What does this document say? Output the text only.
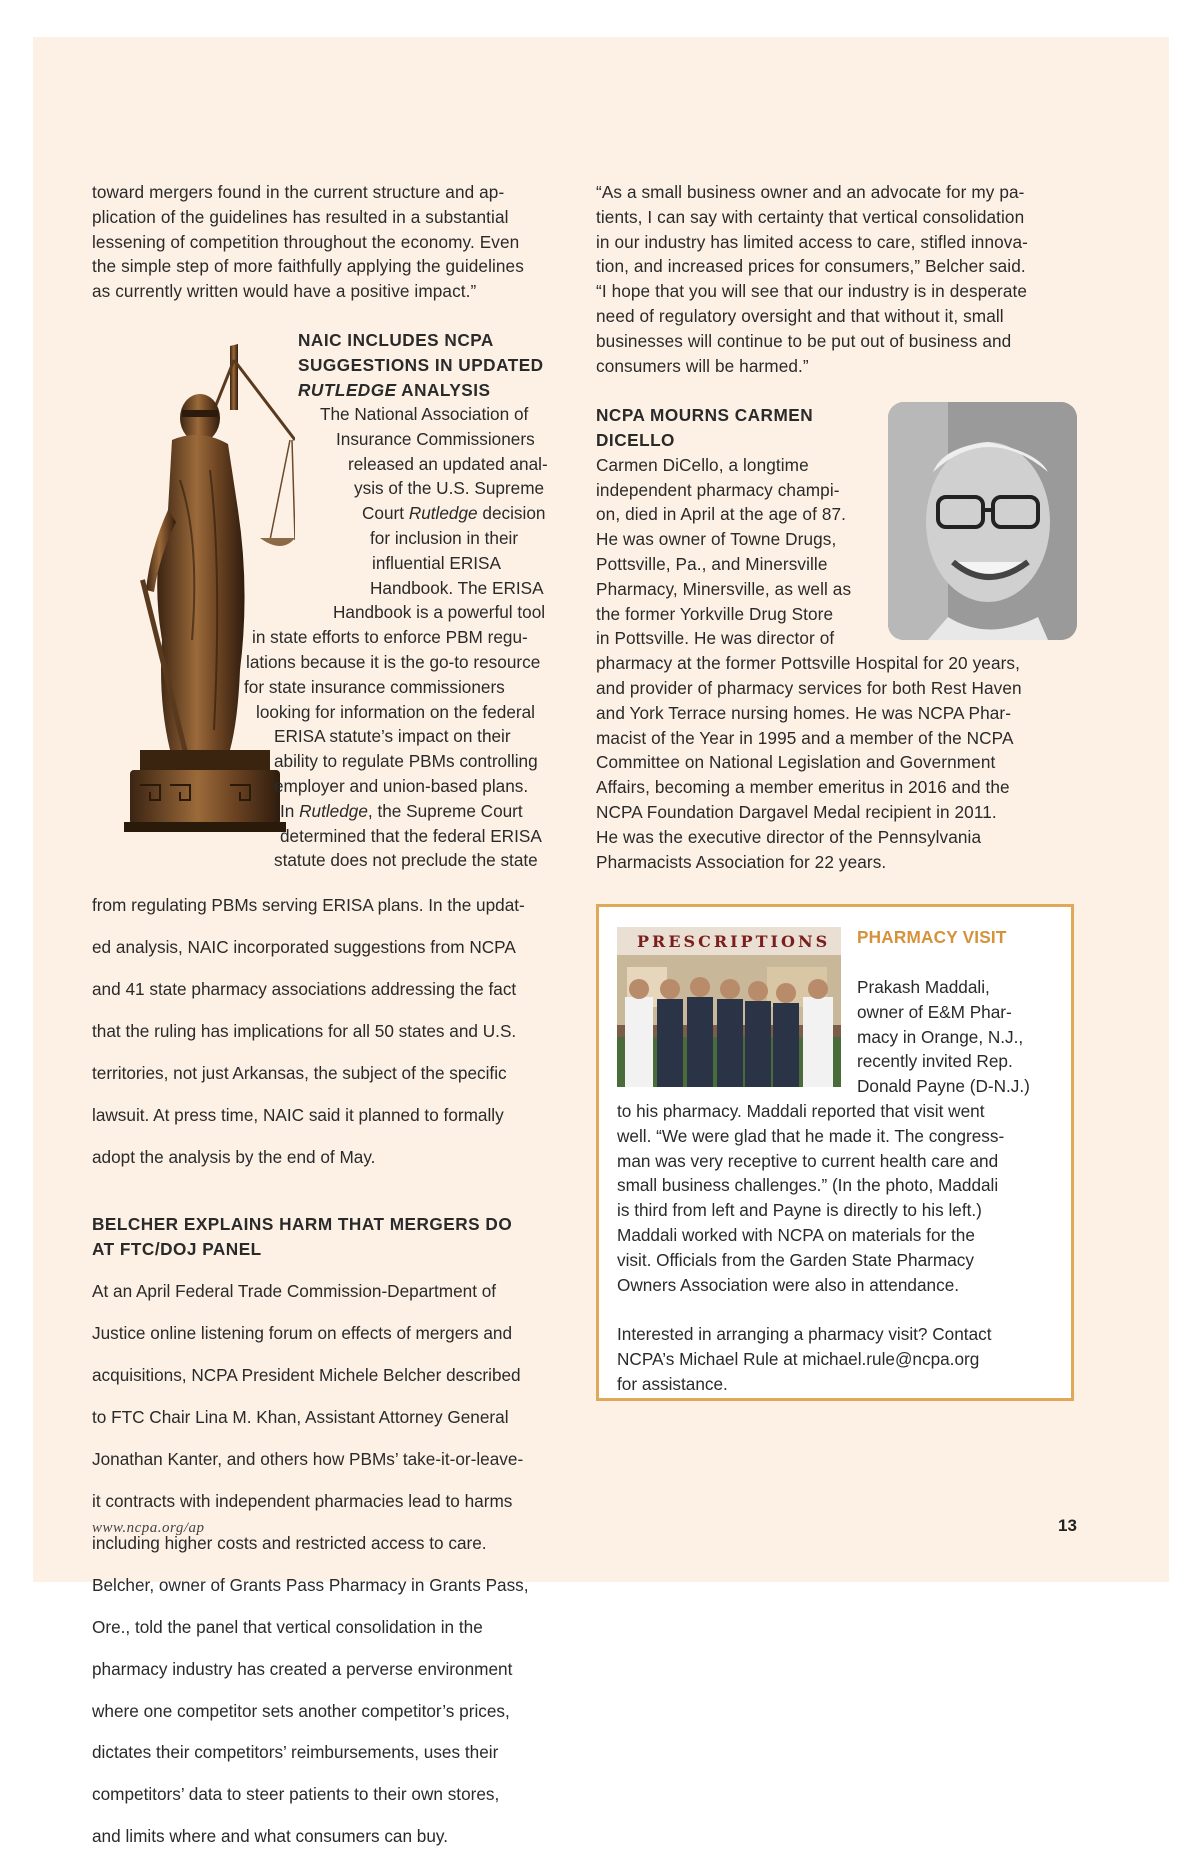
toward mergers found in the current structure and ap-

plication of the guidelines has resulted in a substantial

lessening of competition throughout the economy. Even

the simple step of more faithfully applying the guidelines

as currently written would have a positive impact.”

NAIC INCLUDES NCPA

SUGGESTIONS IN UPDATED

RUTLEDGE ANALYSIS

The National Association of
Insurance Commissioners
released an updated anal-
ysis of the U.S. Supreme
Court Rutledge decision
for inclusion in their
influential ERISA
Handbook. The ERISA
Handbook is a powerful tool
in state efforts to enforce PBM regu-
lations because it is the go-to resource
for state insurance commissioners
looking for information on the federal
ERISA statute’s impact on their
ability to regulate PBMs controlling
employer and union-based plans.
In Rutledge, the Supreme Court
determined that the federal ERISA
statute does not preclude the state

from regulating PBMs serving ERISA plans. In the updat-

ed analysis, NAIC incorporated suggestions from NCPA

and 41 state pharmacy associations addressing the fact

that the ruling has implications for all 50 states and U.S.

territories, not just Arkansas, the subject of the specific

lawsuit. At press time, NAIC said it planned to formally

adopt the analysis by the end of May.

BELCHER EXPLAINS HARM THAT MERGERS DO

AT FTC/DOJ PANEL

At an April Federal Trade Commission-Department of

Justice online listening forum on effects of mergers and

acquisitions, NCPA President Michele Belcher described

to FTC Chair Lina M. Khan, Assistant Attorney General

Jonathan Kanter, and others how PBMs’ take-it-or-leave-

it contracts with independent pharmacies lead to harms

including higher costs and restricted access to care.

Belcher, owner of Grants Pass Pharmacy in Grants Pass,

Ore., told the panel that vertical consolidation in the

pharmacy industry has created a perverse environment

where one competitor sets another competitor’s prices,

dictates their competitors’ reimbursements, uses their

competitors’ data to steer patients to their own stores,

and limits where and what consumers can buy.

“As a small business owner and an advocate for my pa-

tients, I can say with certainty that vertical consolidation

in our industry has limited access to care, stifled innova-

tion, and increased prices for consumers,” Belcher said.

“I hope that you will see that our industry is in desperate

need of regulatory oversight and that without it, small

businesses will continue to be put out of business and

consumers will be harmed.”

NCPA MOURNS CARMEN

DICELLO

Carmen DiCello, a longtime

independent pharmacy champi-

on, died in April at the age of 87.

He was owner of Towne Drugs,

Pottsville, Pa., and Minersville

Pharmacy, Minersville, as well as

the former Yorkville Drug Store

in Pottsville. He was director of

pharmacy at the former Pottsville Hospital for 20 years,

and provider of pharmacy services for both Rest Haven

and York Terrace nursing homes. He was NCPA Phar-

macist of the Year in 1995 and a member of the NCPA

Committee on National Legislation and Government

Affairs, becoming a member emeritus in 2016 and the

NCPA Foundation Dargavel Medal recipient in 2011.

He was the executive director of the Pennsylvania

Pharmacists Association for 22 years.

PRESCRIPTIONS PHARMACY VISIT
Prakash Maddali,
owner of E&M Phar-
macy in Orange, N.J.,
recently invited Rep.
Donald Payne (D-N.J.)
to his pharmacy. Maddali reported that visit went
well. “We were glad that he made it. The congress-
man was very receptive to current health care and
small business challenges.” (In the photo, Maddali
is third from left and Payne is directly to his left.)
Maddali worked with NCPA on materials for the
visit. Officials from the Garden State Pharmacy
Owners Association were also in attendance.
Interested in arranging a pharmacy visit? Contact
NCPA’s Michael Rule at michael.rule@ncpa.org
for assistance.
www.ncpa.org/ap	13
